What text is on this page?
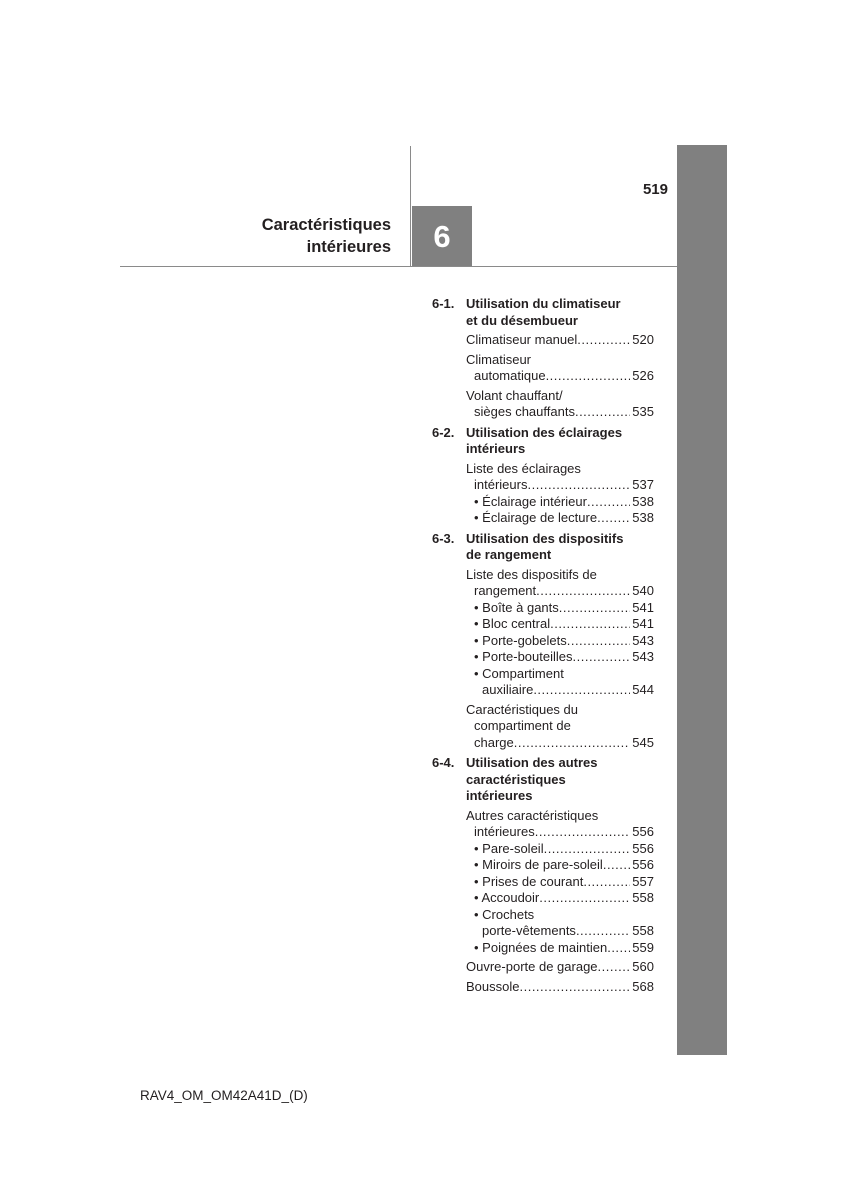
519
Caractéristiques
intérieures	6
6-1. Utilisation du climatiseur
et du désembueur
Climatiseur manuel .....	520
Climatiseur
automatique .....	526
Volant chauffant/
sièges chauffants .....	535
6-2. Utilisation des éclairages
intérieurs
Liste des éclairages
intérieurs .....	537
• Éclairage intérieur .....	538
• Éclairage de lecture .....	538
6-3. Utilisation des dispositifs
de rangement
Liste des dispositifs de
rangement .....	540
• Boîte à gants .....	541
• Bloc central .....	541
• Porte-gobelets .....	543
• Porte-bouteilles .....	543
• Compartiment
auxiliaire .....	544
Caractéristiques du
compartiment de
charge .....	545
6-4. Utilisation des autres
caractéristiques
intérieures
Autres caractéristiques
intérieures .....	556
• Pare-soleil .....	556
• Miroirs de pare-soleil ..... 556
• Prises de courant .....	557
• Accoudoir .....	558
• Crochets
porte-vêtements .....	558
• Poignées de maintien ..... 559
Ouvre-porte de garage .....	560
Boussole .....	568
RAV4_OM_OM42A41D_(D)
